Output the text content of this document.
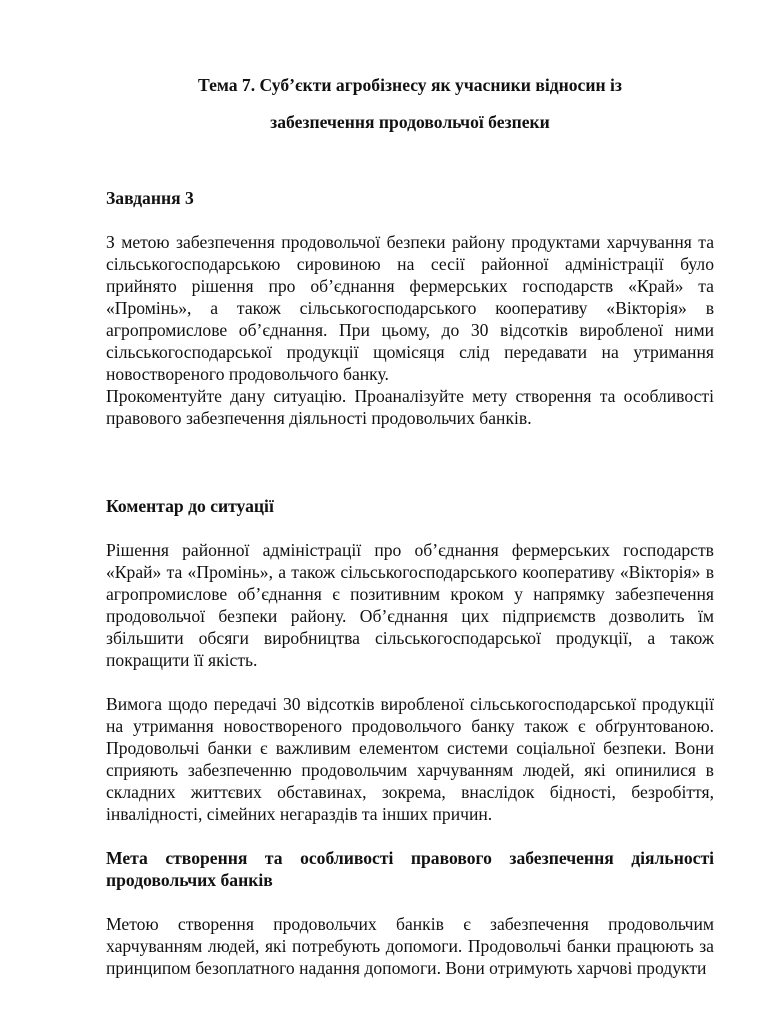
Тема 7. Суб’єкти агробізнесу як учасники відносин із
забезпечення продовольчої безпеки

Завдання 3

З метою забезпечення продовольчої безпеки району продуктами харчування та сільськогосподарською сировиною на сесії районної адміністрації було прийнято рішення про об’єднання фермерських господарств «Край» та «Промінь», а також сільськогосподарського кооперативу «Вікторія» в агропромислове об’єднання. При цьому, до 30 відсотків виробленої ними сільськогосподарської продукції щомісяця слід передавати на утримання новоствореного продовольчого банку.

Прокоментуйте дану ситуацію. Проаналізуйте мету створення та особливості правового забезпечення діяльності продовольчих банків.

Коментар до ситуації

Рішення районної адміністрації про об’єднання фермерських господарств «Край» та «Промінь», а також сільськогосподарського кооперативу «Вікторія» в агропромислове об’єднання є позитивним кроком у напрямку забезпечення продовольчої безпеки району. Об’єднання цих підприємств дозволить їм збільшити обсяги виробництва сільськогосподарської продукції, а також покращити її якість.

Вимога щодо передачі 30 відсотків виробленої сільськогосподарської продукції на утримання новоствореного продовольчого банку також є обґрунтованою. Продовольчі банки є важливим елементом системи соціальної безпеки. Вони сприяють забезпеченню продовольчим харчуванням людей, які опинилися в складних життєвих обставинах, зокрема, внаслідок бідності, безробіття, інвалідності, сімейних негараздів та інших причин.

Мета створення та особливості правового забезпечення діяльності продовольчих банків

Метою створення продовольчих банків є забезпечення продовольчим харчуванням людей, які потребують допомоги. Продовольчі банки працюють за принципом безоплатного надання допомоги. Вони отримують харчові продукти
